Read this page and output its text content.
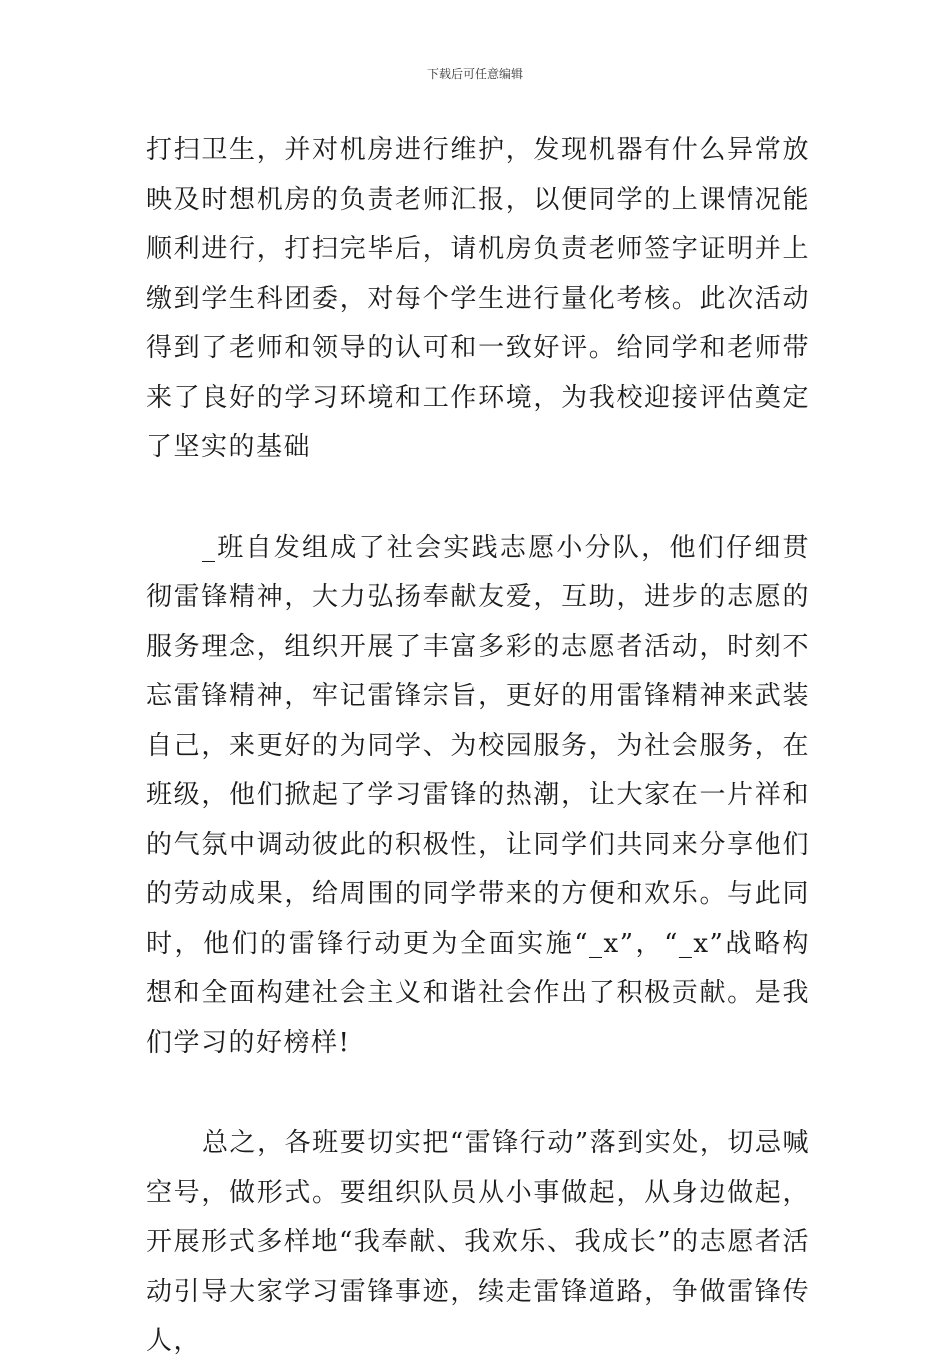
下载后可任意编辑

打扫卫生，并对机房进行维护，发现机器有什么异常放映及时想机房的负责老师汇报，以便同学的上课情况能顺利进行，打扫完毕后，请机房负责老师签字证明并上缴到学生科团委，对每个学生进行量化考核。此次活动得到了老师和领导的认可和一致好评。给同学和老师带来了良好的学习环境和工作环境，为我校迎接评估奠定了坚实的基础

_班自发组成了社会实践志愿小分队，他们仔细贯彻雷锋精神，大力弘扬奉献友爱，互助，进步的志愿的服务理念，组织开展了丰富多彩的志愿者活动，时刻不忘雷锋精神，牢记雷锋宗旨，更好的用雷锋精神来武装自己，来更好的为同学、为校园服务，为社会服务，在班级，他们掀起了学习雷锋的热潮，让大家在一片祥和的气氛中调动彼此的积极性，让同学们共同来分享他们的劳动成果，给周围的同学带来的方便和欢乐。与此同时，他们的雷锋行动更为全面实施“_x”，“_x”战略构想和全面构建社会主义和谐社会作出了积极贡献。是我们学习的好榜样!

总之，各班要切实把“雷锋行动”落到实处，切忌喊空号，做形式。要组织队员从小事做起，从身边做起，开展形式多样地“我奉献、我欢乐、我成长”的志愿者活动引导大家学习雷锋事迹，续走雷锋道路，争做雷锋传人，
